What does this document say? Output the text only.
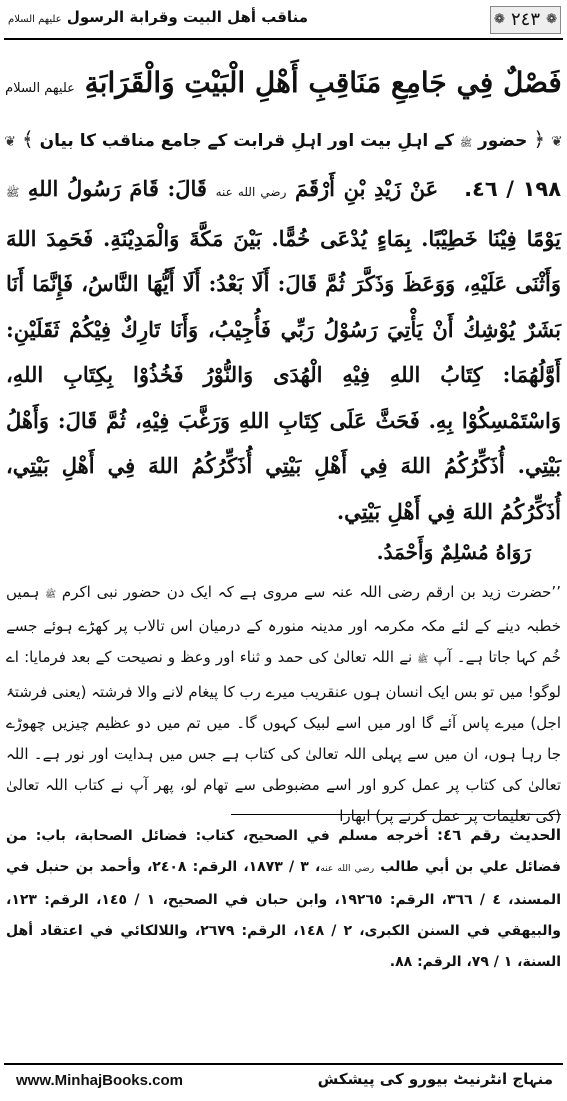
مناقب أهل البيت وقرابة الرسول عليهم السلام	❁
٢٤٣
❁
فَصْلٌ فِي جَامِعِ مَنَاقِبِ أَهْلِ الْبَيْتِ وَالْقَرَابَةِ عليهم السلام
❦ ﴿ حضور ﷺ کے اہلِ بیت اور اہلِ قرابت کے جامع مناقب کا بیان ﴾ ❦
١٩٨ / ٤٦.   عَنْ زَيْدِ بْنِ أَرْقَمَ رضي الله عنه قَالَ: قَامَ رَسُولُ اللهِ ﷺ يَوْمًا فِيْنَا خَطِيْبًا. بِمَاءٍ يُدْعَى خُمًّا. بَيْنَ مَكَّةَ وَالْمَدِيْنَةِ. فَحَمِدَ اللهَ وَأَثْنَى عَلَيْهِ، وَوَعَظَ وَذَكَّرَ ثُمَّ قَالَ: أَلَا بَعْدُ: أَلَا أَيُّهَا النَّاسُ، فَإِنَّمَا أَنَا بَشَرٌ يُوْشِكُ أَنْ يَأْتِيَ رَسُوْلُ رَبِّي فَأُجِيْبُ، وَأَنَا تَارِكٌ فِيْكُمْ ثَقَلَيْنِ: أَوَّلُهُمَا: كِتَابُ اللهِ فِيْهِ الْهُدَى وَالنُّوْرُ فَخُذُوْا بِكِتَابِ اللهِ، وَاسْتَمْسِكُوْا بِهِ. فَحَثَّ عَلَى كِتَابِ اللهِ وَرَغَّبَ فِيْهِ، ثُمَّ قَالَ: وَأَهْلُ بَيْتِي. أُذَكِّرُكُمُ اللهَ فِي أَهْلِ بَيْتِي أُذَكِّرُكُمُ اللهَ فِي أَهْلِ بَيْتِي، أُذَكِّرُكُمُ اللهَ فِي أَهْلِ بَيْتِي.
رَوَاهُ مُسْلِمٌ وَأَحْمَدُ.
’’حضرت زید بن ارقم رضی اللہ عنہ سے مروی ہے کہ ایک دن حضور نبی اکرم ﷺ ہمیں خطبہ دینے کے لئے مکہ مکرمہ اور مدینہ منورہ کے درمیان اس تالاب پر کھڑے ہوئے جسے خُم کہا جاتا ہے۔ آپ ﷺ نے اللہ تعالیٰ کی حمد و ثناء اور وعظ و نصیحت کے بعد فرمایا: اے لوگو! میں تو بس ایک انسان ہوں عنقریب میرے رب کا پیغام لانے والا فرشتہ (یعنی فرشتۂ اجل) میرے پاس آئے گا اور میں اسے لبیک کہوں گا۔ میں تم میں دو عظیم چیزیں چھوڑے جا رہا ہوں، ان میں سے پہلی اللہ تعالیٰ کی کتاب ہے جس میں ہدایت اور نور ہے۔ اللہ تعالیٰ کی کتاب پر عمل کرو اور اسے مضبوطی سے تھام لو، پھر آپ نے کتاب اللہ تعالیٰ (کی تعلیمات پر عمل کرنے پر) ابھارا
الحديث رقم ٤٦: أخرجه مسلم في الصحيح، كتاب: فضائل الصحابة، باب: من فضائل علي بن أبي طالب رضي الله عنه، ٣ / ١٨٧٣، الرقم: ٢٤٠٨، وأحمد بن حنبل في المسند، ٤ / ٣٦٦، الرقم: ١٩٢٦٥، وابن حبان في الصحيح، ١ / ١٤٥، الرقم: ١٢٣، والبيهقي في السنن الكبرى، ٢ / ١٤٨، الرقم: ٢٦٧٩، واللالكائي في اعتقاد أهل السنة، ١ / ٧٩، الرقم: ٨٨.
www.MinhajBooks.com	منہاج انٹرنیٹ بیورو کی پیشکش
